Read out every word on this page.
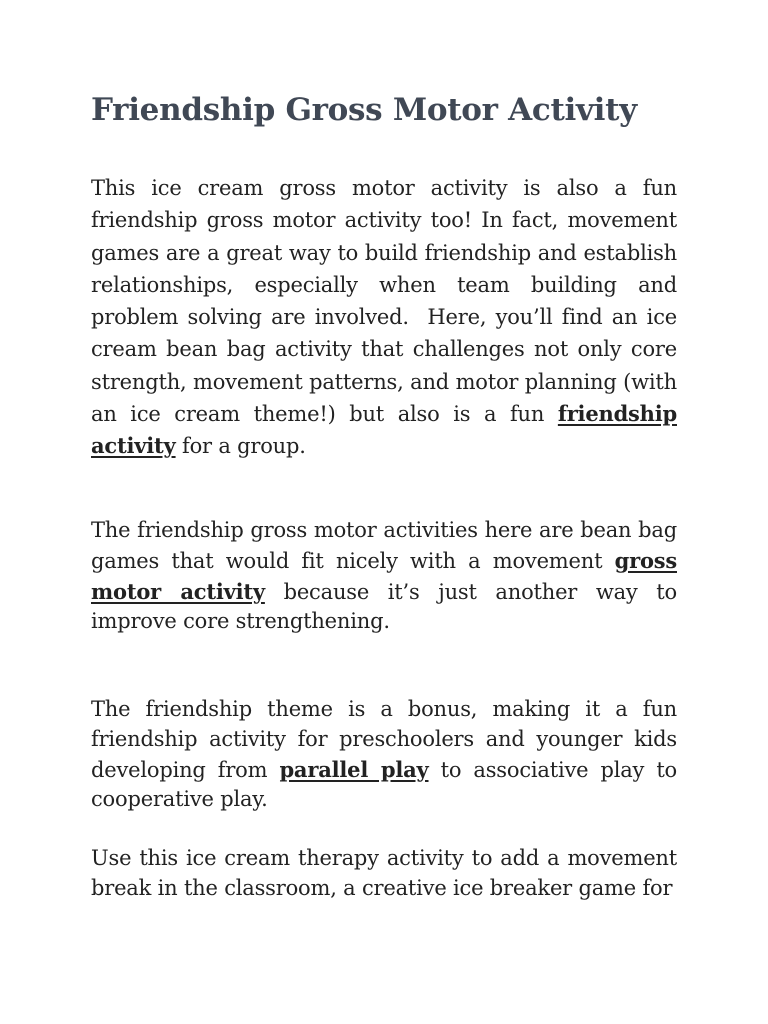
Friendship Gross Motor Activity

This ice cream gross motor activity is also a fun friendship gross motor activity too! In fact, movement games are a great way to build friendship and establish relationships, especially when team building and problem solving are involved.  Here, you’ll find an ice cream bean bag activity that challenges not only core strength, movement patterns, and motor planning (with an ice cream theme!) but also is a fun friendship activity for a group.

The friendship gross motor activities here are bean bag games that would fit nicely with a movement gross motor activity because it’s just another way to improve core strengthening.

The friendship theme is a bonus, making it a fun friendship activity for preschoolers and younger kids developing from parallel play to associative play to cooperative play.

Use this ice cream therapy activity to add a movement break in the classroom, a creative ice breaker game for
